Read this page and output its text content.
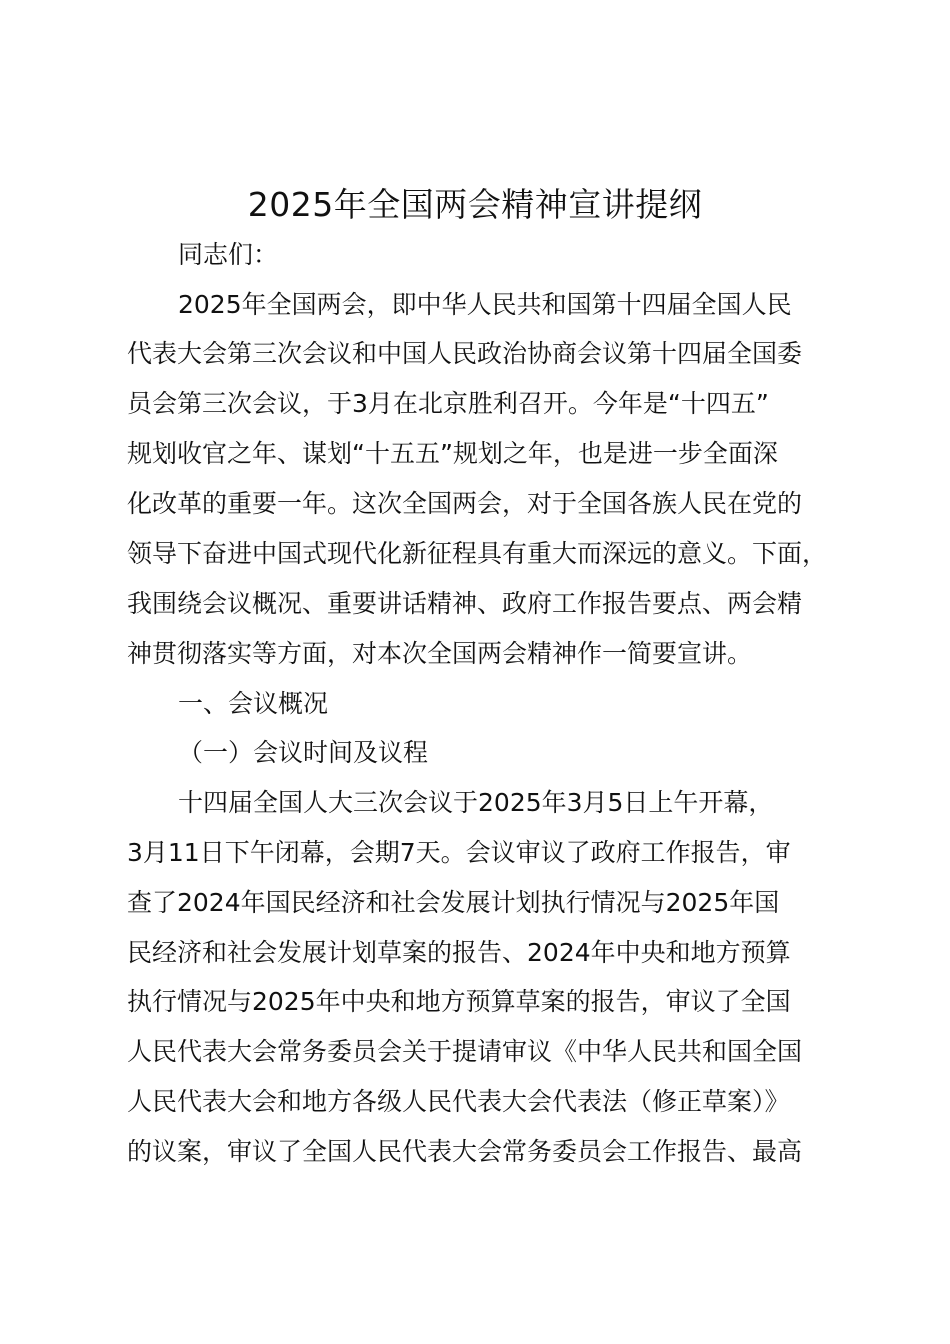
2025年全国两会精神宣讲提纲
同志们：
2025年全国两会，即中华人民共和国第十四届全国人民
代表大会第三次会议和中国人民政治协商会议第十四届全国委
员会第三次会议，于3月在北京胜利召开。今年是“十四五”
规划收官之年、谋划“十五五”规划之年，也是进一步全面深
化改革的重要一年。这次全国两会，对于全国各族人民在党的
领导下奋进中国式现代化新征程具有重大而深远的意义。下面，
我围绕会议概况、重要讲话精神、政府工作报告要点、两会精
神贯彻落实等方面，对本次全国两会精神作一简要宣讲。
一、会议概况
（一）会议时间及议程
十四届全国人大三次会议于2025年3月5日上午开幕，
3月11日下午闭幕，会期7天。会议审议了政府工作报告，审
查了2024年国民经济和社会发展计划执行情况与2025年国
民经济和社会发展计划草案的报告、2024年中央和地方预算
执行情况与2025年中央和地方预算草案的报告，审议了全国
人民代表大会常务委员会关于提请审议《中华人民共和国全国
人民代表大会和地方各级人民代表大会代表法（修正草案）》
的议案，审议了全国人民代表大会常务委员会工作报告、最高
